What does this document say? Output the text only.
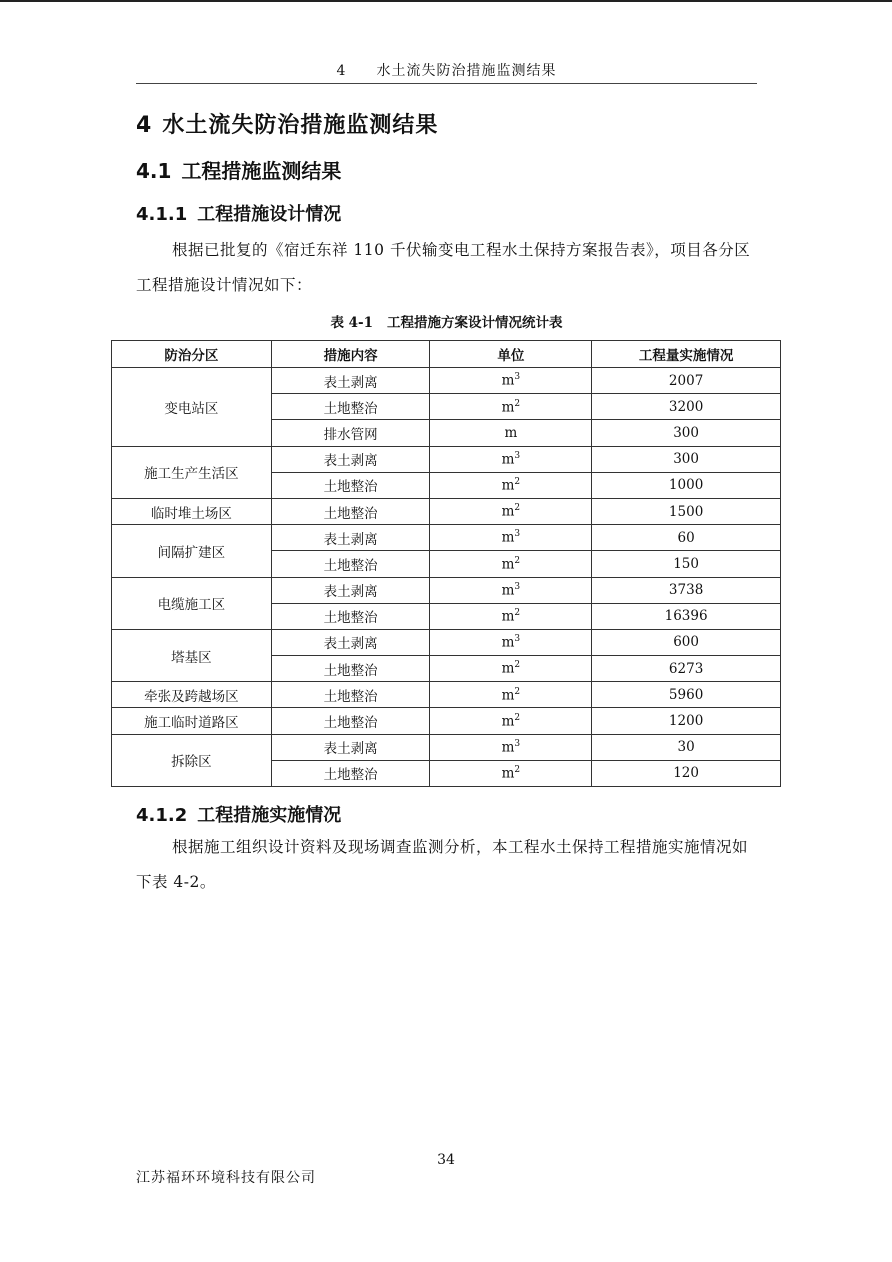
4 水土流失防治措施监测结果
4 水土流失防治措施监测结果
4.1 工程措施监测结果
4.1.1 工程措施设计情况

根据已批复的《宿迁东祥 110 千伏输变电工程水土保持方案报告表》，项目各分区工程措施设计情况如下：

表 4-1 工程措施方案设计情况统计表
防治分区	措施内容	单位	工程量实施情况
变电站区	表土剥离	$m^3$	2007
	土地整治	$m^2$	3200
	排水管网	m	300
施工生产生活区	表土剥离	$m^3$	300
	土地整治	$m^2$	1000
临时堆土场区	土地整治	$m^2$	1500
间隔扩建区	表土剥离	$m^3$	60
	土地整治	$m^2$	150
电缆施工区	表土剥离	$m^3$	3738
	土地整治	$m^2$	16396
塔基区	表土剥离	$m^3$	600
	土地整治	$m^2$	6273
牵张及跨越场区	土地整治	$m^2$	5960
施工临时道路区	土地整治	$m^2$	1200
拆除区	表土剥离	$m^3$	30
	土地整治	$m^2$	120
4.1.2 工程措施实施情况

根据施工组织设计资料及现场调查监测分析，本工程水土保持工程措施实施情况如下表 4-2。

34
江苏福环环境科技有限公司
